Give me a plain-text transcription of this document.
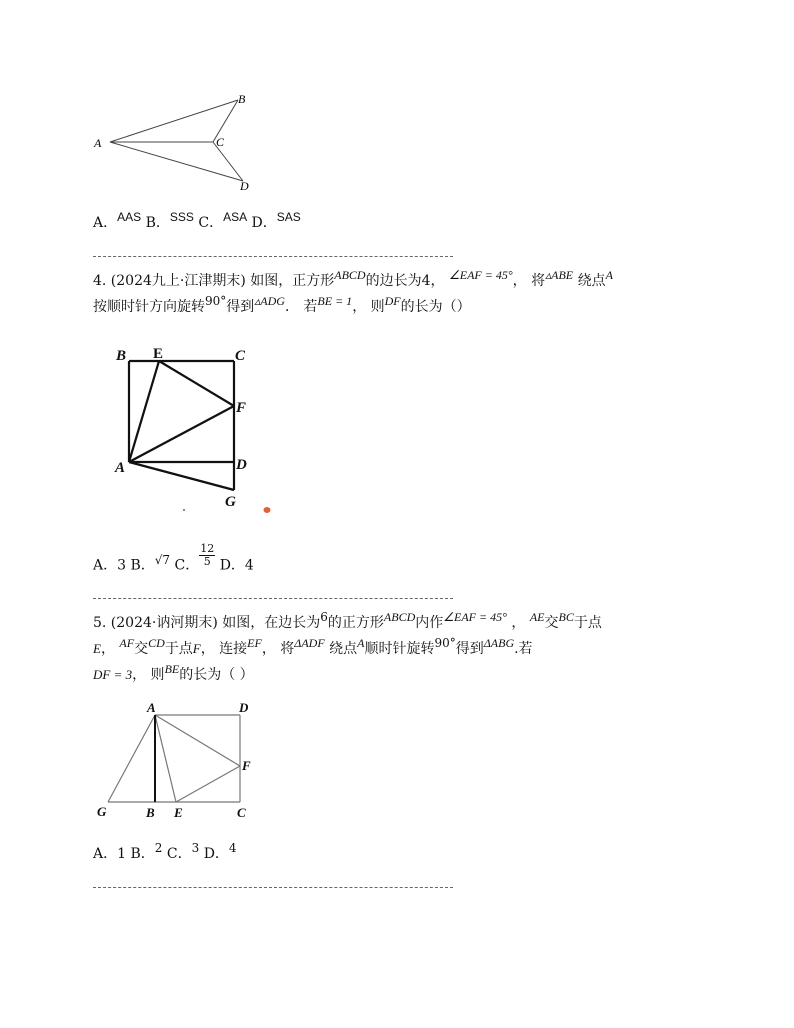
A
B
C
D
A．AAS B．SSS C．ASA D．SAS
4. (2024九上·江津期末) 如图，正方形ABCD的边长为4， ∠EAF = 45°， 将▵ABE 绕点A
按顺时针方向旋转90°得到▵ADG． 若BE = 1， 则DF的长为（）
B E	C
F
A	D
G
A．3 B．√7 C． $\frac{12}{5}$ D．4
5. (2024·讷河期末) 如图，在边长为6的正方形ABCD内作∠EAF = 45° ， AE交BC于点
E， AF交CD于点F， 连接EF， 将ΔADF 绕点A顺时针旋转90°得到ΔABG.若
DF = 3， 则BE的长为（ ）
A	D
F
G	B E	C
A．1 B．2 C．3 D．4
